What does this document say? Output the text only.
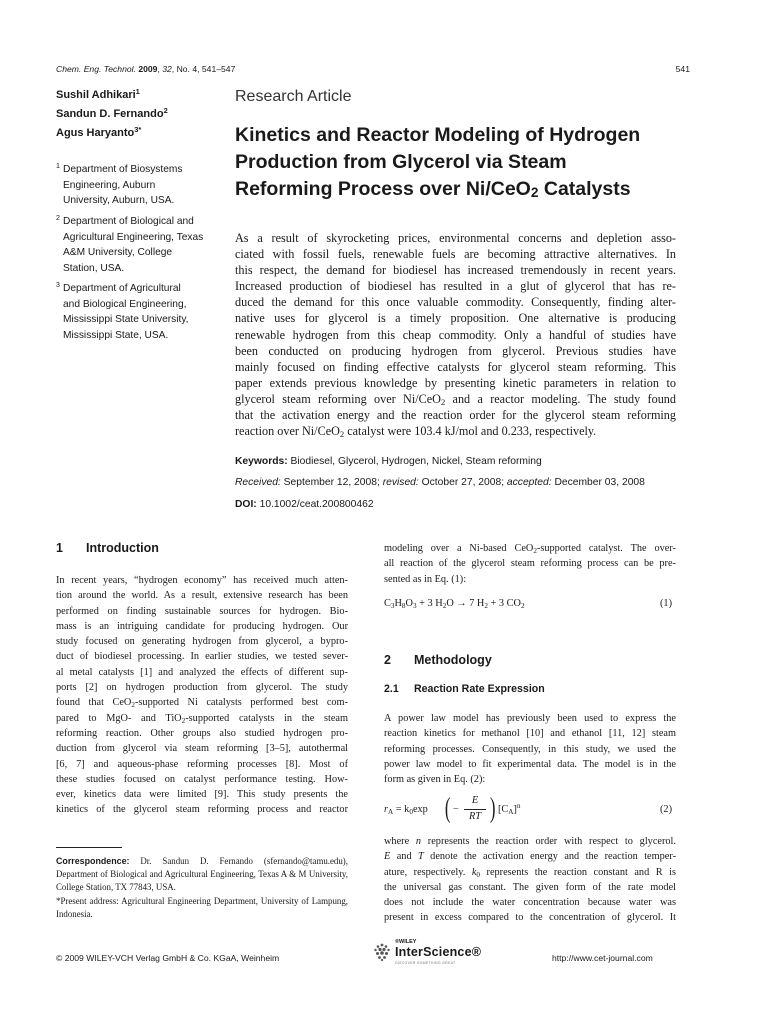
Chem. Eng. Technol. 2009, 32, No. 4, 541–547	541
Sushil Adhikari$^1$
Sandun D. Fernando$^2$
Agus Haryanto$^{3*}$
1 Department of Biosystems
Engineering, Auburn
University, Auburn, USA.
2 Department of Biological and
Agricultural Engineering, Texas
A&M University, College
Station, USA.
3 Department of Agricultural
and Biological Engineering,
Mississippi State University,
Mississippi State, USA.
Research Article
Kinetics and Reactor Modeling of Hydrogen
Production from Glycerol via Steam
Reforming Process over Ni/CeO$_2$ Catalysts
As a result of skyrocketing prices, environmental concerns and depletion asso-
ciated with fossil fuels, renewable fuels are becoming attractive alternatives. In
this respect, the demand for biodiesel has increased tremendously in recent years.
Increased production of biodiesel has resulted in a glut of glycerol that has re-
duced the demand for this once valuable commodity. Consequently, finding alter-
native uses for glycerol is a timely proposition. One alternative is producing
renewable hydrogen from this cheap commodity. Only a handful of studies have
been conducted on producing hydrogen from glycerol. Previous studies have
mainly focused on finding effective catalysts for glycerol steam reforming. This
paper extends previous knowledge by presenting kinetic parameters in relation to
glycerol steam reforming over Ni/CeO$_2$ and a reactor modeling. The study found
that the activation energy and the reaction order for the glycerol steam reforming
reaction over Ni/CeO$_2$ catalyst were 103.4 kJ/mol and 0.233, respectively.
Keywords: Biodiesel, Glycerol, Hydrogen, Nickel, Steam reforming
Received: September 12, 2008; revised: October 27, 2008; accepted: December 03, 2008
DOI: 10.1002/ceat.200800462
1 Introduction
In recent years, “hydrogen economy” has received much atten-
tion around the world. As a result, extensive research has been
performed on finding sustainable sources for hydrogen. Bio-
mass is an intriguing candidate for producing hydrogen. Our
study focused on generating hydrogen from glycerol, a bypro-
duct of biodiesel processing. In earlier studies, we tested sever-
al metal catalysts [1] and analyzed the effects of different sup-
ports [2] on hydrogen production from glycerol. The study
found that CeO$_2$-supported Ni catalysts performed best com-
pared to MgO- and TiO$_2$-supported catalysts in the steam
reforming reaction. Other groups also studied hydrogen pro-
duction from glycerol via steam reforming [3–5], autothermal
[6, 7] and aqueous-phase reforming processes [8]. Most of
these studies focused on catalyst performance testing. How-
ever, kinetics data were limited [9]. This study presents the
kinetics of the glycerol steam reforming process and reactor
Correspondence: Dr. Sandun D. Fernando (sfernando@tamu.edu), Department of Biological and Agricultural Engineering, Texas A & M University, College Station, TX 77843, USA.
*Present address: Agricultural Engineering Department, University of Lampung, Indonesia.
modeling over a Ni-based CeO$_2$-supported catalyst. The over-
all reaction of the glycerol steam reforming process can be pre-
sented as in Eq. (1):
$C_3H_8O_3 + 3$ $H_2O \to 7$ $H_2 + 3$ $CO_2$	(1)
2 Methodology
2.1 Reaction Rate Expression
A power law model has previously been used to express the
reaction kinetics for methanol [10] and ethanol [11, 12] steam
reforming processes. Consequently, in this study, we used the
power law model to fit experimental data. The model is in the
form as given in Eq. (2):
$r_A = k_0\exp$ ( −
E
RT ) $[C_A]^n$	(2)
where n represents the reaction order with respect to glycerol.
E and T denote the activation energy and the reaction temper-
ature, respectively. $k_0$ represents the reaction constant and R is
the universal gas constant. The given form of the rate model
does not include the water concentration because water was
present in excess compared to the concentration of glycerol. It
© 2009 WILEY-VCH Verlag GmbH & Co. KGaA, Weinheim
®WILEY
InterScience®
DISCOVER SOMETHING GREAT	http://www.cet-journal.com
